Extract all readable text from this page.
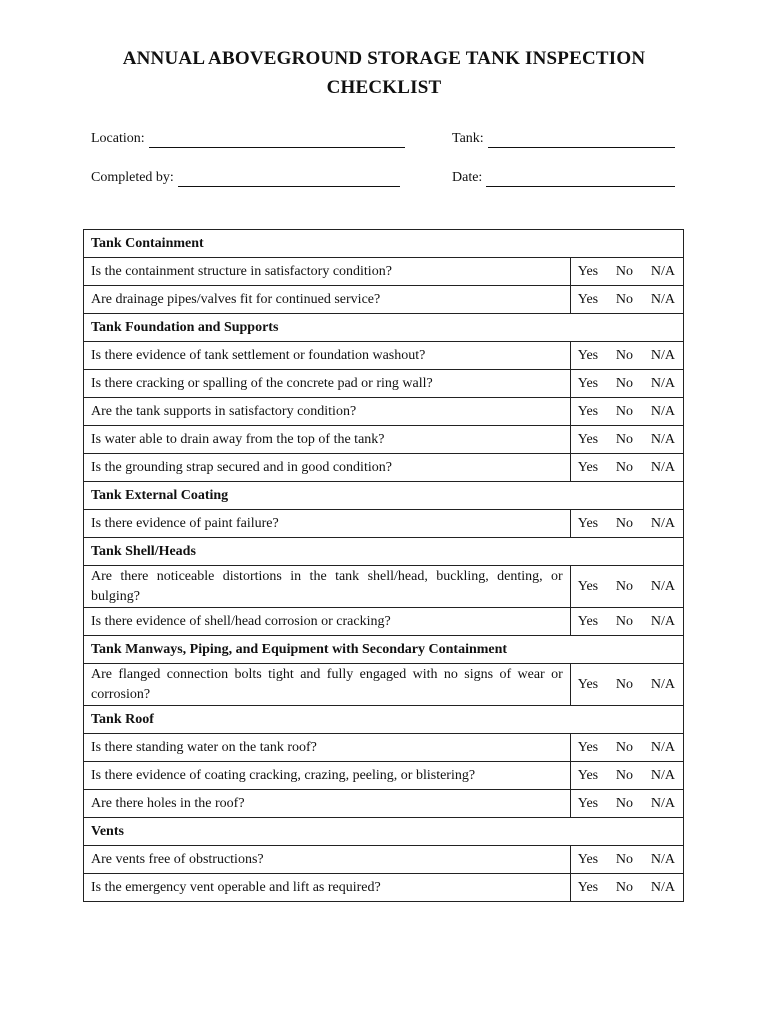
ANNUAL ABOVEGROUND STORAGE TANK INSPECTION
CHECKLIST
Location:	Tank:
Completed by:	Date:
Tank Containment	
Is the containment structure in satisfactory condition?	Yes No N/A

Are drainage pipes/valves fit for continued service?	Yes No N/A

Tank Foundation and Supports	
Is there evidence of tank settlement or foundation washout?	Yes No N/A

Is there cracking or spalling of the concrete pad or ring wall?	Yes No N/A

Are the tank supports in satisfactory condition?	Yes No N/A

Is water able to drain away from the top of the tank?	Yes No N/A

Is the grounding strap secured and in good condition?	Yes No N/A

Tank External Coating	
Is there evidence of paint failure?	Yes No N/A

Tank Shell/Heads	
Are there noticeable distortions in the tank shell/head, buckling, denting, or bulging?	Yes No N/A

Is there evidence of shell/head corrosion or cracking?	Yes No N/A

Tank Manways, Piping, and Equipment with Secondary Containment	
Are flanged connection bolts tight and fully engaged with no signs of wear or corrosion?	Yes No N/A

Tank Roof	
Is there standing water on the tank roof?	Yes No N/A

Is there evidence of coating cracking, crazing, peeling, or blistering?	Yes No N/A

Are there holes in the roof?	Yes No N/A

Vents	
Are vents free of obstructions?	Yes No N/A

Is the emergency vent operable and lift as required?	Yes No N/A
